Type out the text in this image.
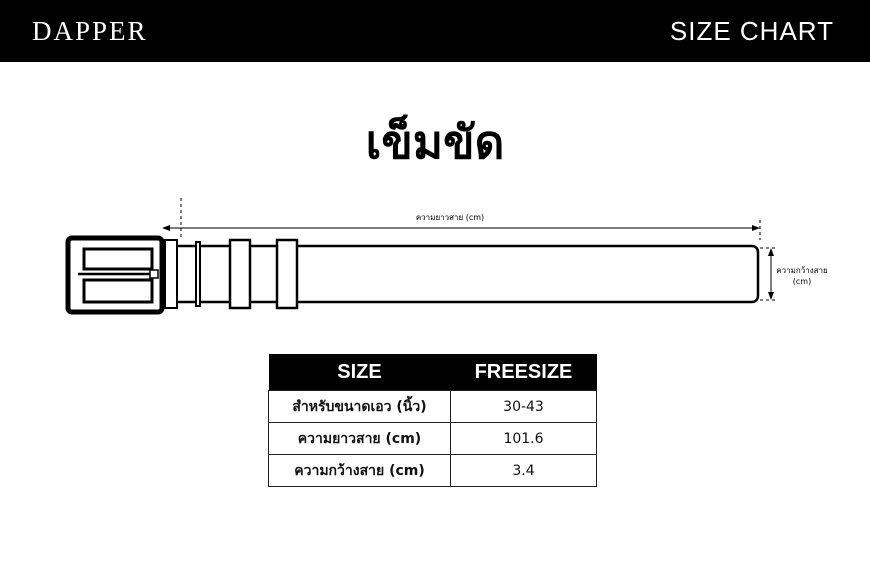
DAPPER	SIZE CHART
เข็มขัด
ความยาวสาย (cm)
ความกว้างสาย
(cm)
SIZE	FREESIZE
สำหรับขนาดเอว (นิ้ว)	30-43
ความยาวสาย (cm)	101.6
ความกว้างสาย (cm)	3.4
